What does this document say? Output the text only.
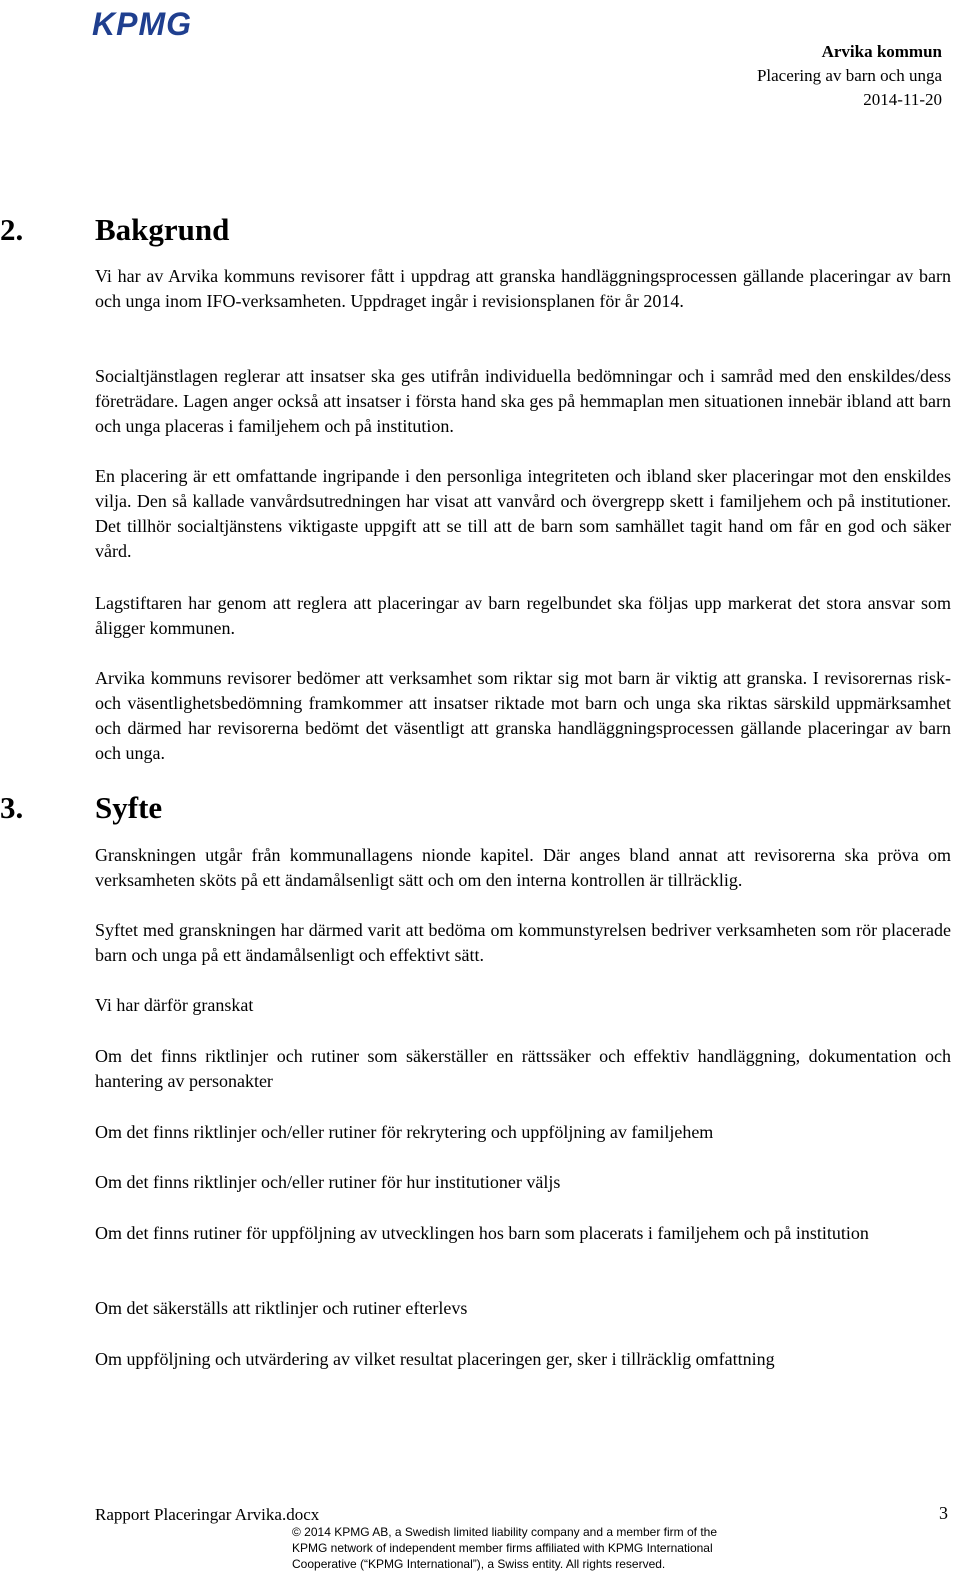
KPMG
Arvika kommun
Placering av barn och unga
2014-11-20
2.	Bakgrund

Vi har av Arvika kommuns revisorer fått i uppdrag att granska handläggningsprocessen gällande placeringar av barn och unga inom IFO-verksamheten. Uppdraget ingår i revisionsplanen för år 2014.

Socialtjänstlagen reglerar att insatser ska ges utifrån individuella bedömningar och i samråd med den enskildes/dess företrädare. Lagen anger också att insatser i första hand ska ges på hemmaplan men situationen innebär ibland att barn och unga placeras i familjehem och på institution.

En placering är ett omfattande ingripande i den personliga integriteten och ibland sker placeringar mot den enskildes vilja. Den så kallade vanvårdsutredningen har visat att vanvård och övergrepp skett i familjehem och på institutioner. Det tillhör socialtjänstens viktigaste uppgift att se till att de barn som samhället tagit hand om får en god och säker vård.

Lagstiftaren har genom att reglera att placeringar av barn regelbundet ska följas upp markerat det stora ansvar som åligger kommunen.

Arvika kommuns revisorer bedömer att verksamhet som riktar sig mot barn är viktig att granska. I revisorernas risk- och väsentlighetsbedömning framkommer att insatser riktade mot barn och unga ska riktas särskild uppmärksamhet och därmed har revisorerna bedömt det väsentligt att granska handläggningsprocessen gällande placeringar av barn och unga.

3.	Syfte

Granskningen utgår från kommunallagens nionde kapitel. Där anges bland annat att revisorerna ska pröva om verksamheten sköts på ett ändamålsenligt sätt och om den interna kontrollen är tillräcklig.

Syftet med granskningen har därmed varit att bedöma om kommunstyrelsen bedriver verksamheten som rör placerade barn och unga på ett ändamålsenligt och effektivt sätt.

Vi har därför granskat

Om det finns riktlinjer och rutiner som säkerställer en rättssäker och effektiv handläggning, dokumentation och hantering av personakter

Om det finns riktlinjer och/eller rutiner för rekrytering och uppföljning av familjehem

Om det finns riktlinjer och/eller rutiner för hur institutioner väljs

Om det finns rutiner för uppföljning av utvecklingen hos barn som placerats i familjehem och på institution

Om det säkerställs att riktlinjer och rutiner efterlevs

Om uppföljning och utvärdering av vilket resultat placeringen ger, sker i tillräcklig omfattning

Rapport Placeringar Arvika.docx	3
© 2014 KPMG AB, a Swedish limited liability company and a member firm of the KPMG network of independent member firms affiliated with KPMG International Cooperative (“KPMG International”), a Swiss entity. All rights reserved.
